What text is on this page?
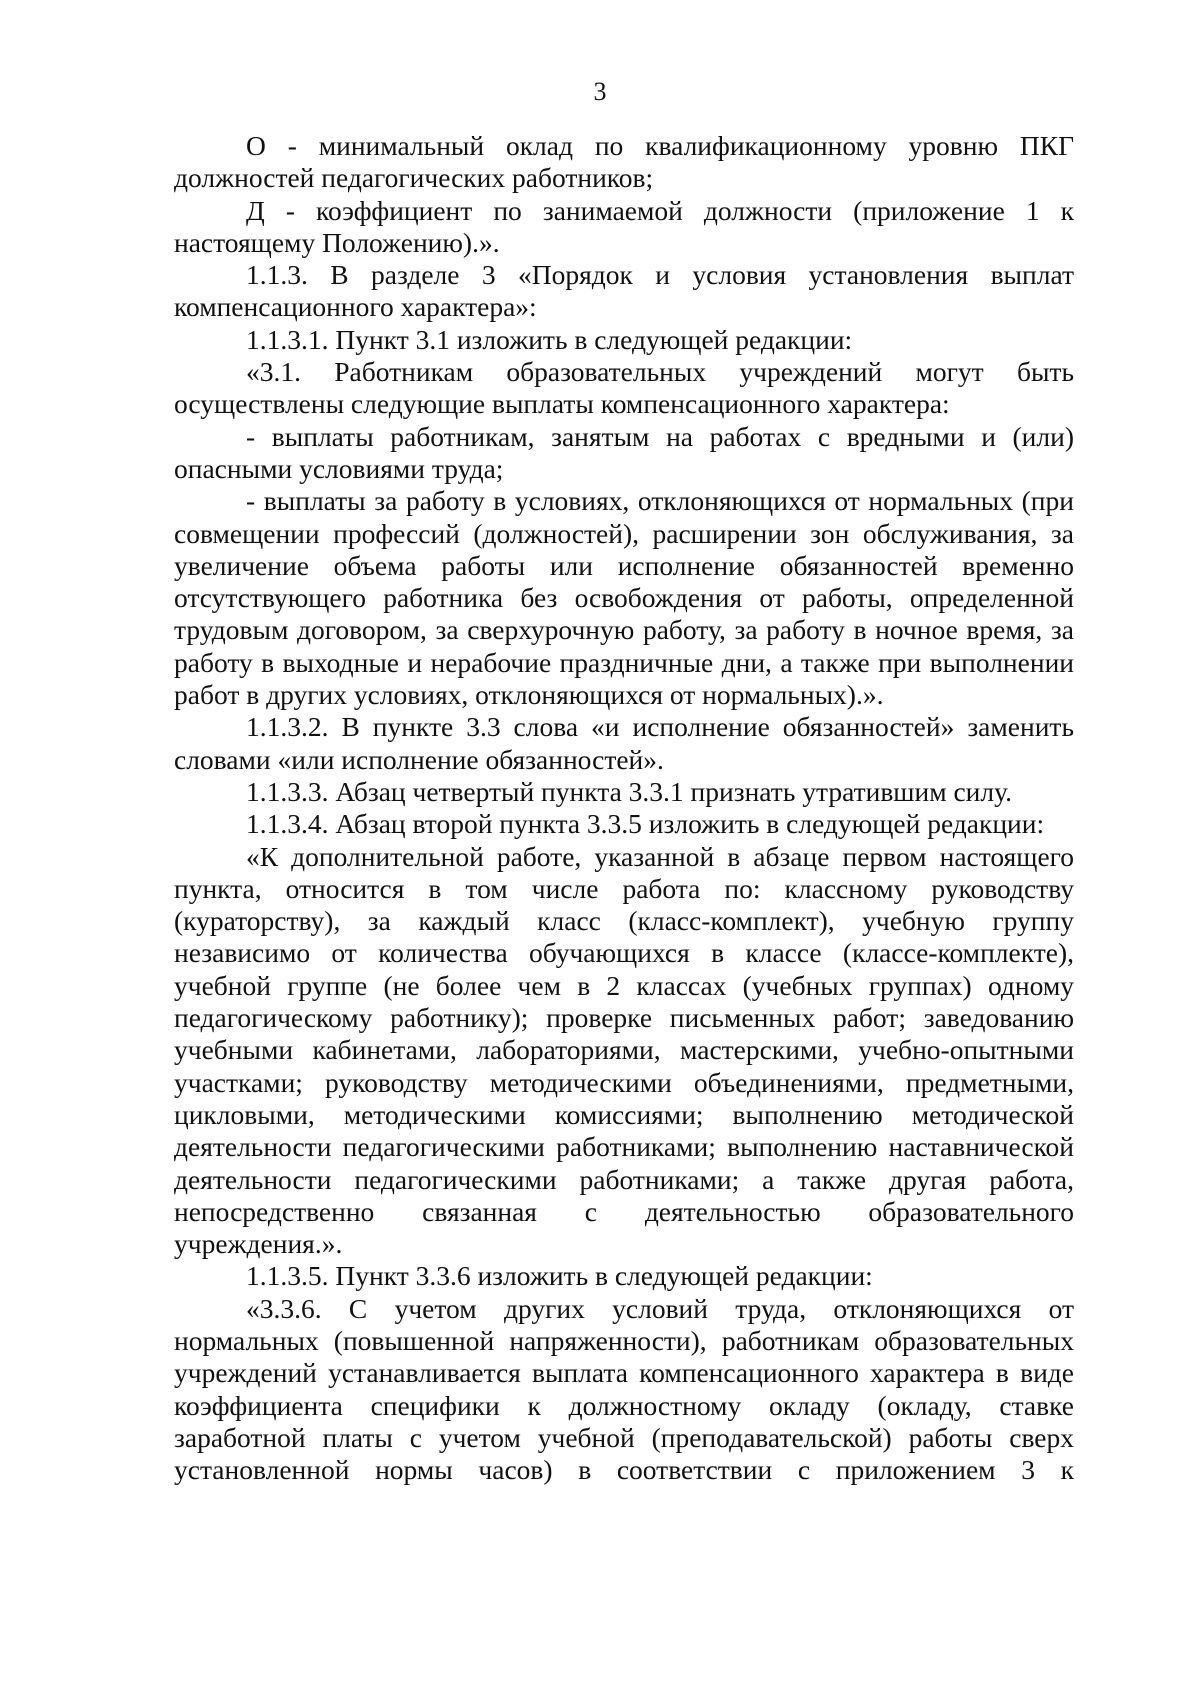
3

О - минимальный оклад по квалификационному уровню ПКГ должностей педагогических работников;

Д - коэффициент по занимаемой должности (приложение 1 к настоящему Положению).».

1.1.3. В разделе 3 «Порядок и условия установления выплат компенсационного характера»:

1.1.3.1. Пункт 3.1 изложить в следующей редакции:

«3.1. Работникам образовательных учреждений могут быть осуществлены следующие выплаты компенсационного характера:

- выплаты работникам, занятым на работах с вредными и (или) опасными условиями труда;

- выплаты за работу в условиях, отклоняющихся от нормальных (при совмещении профессий (должностей), расширении зон обслуживания, за увеличение объема работы или исполнение обязанностей временно отсутствующего работника без освобождения от работы, определенной трудовым договором, за сверхурочную работу, за работу в ночное время, за работу в выходные и нерабочие праздничные дни, а также при выполнении работ в других условиях, отклоняющихся от нормальных).».

1.1.3.2. В пункте 3.3 слова «и исполнение обязанностей» заменить словами «или исполнение обязанностей».

1.1.3.3. Абзац четвертый пункта 3.3.1 признать утратившим силу.

1.1.3.4. Абзац второй пункта 3.3.5 изложить в следующей редакции:

«К дополнительной работе, указанной в абзаце первом настоящего пункта, относится в том числе работа по: классному руководству (кураторству), за каждый класс (класс-комплект), учебную группу независимо от количества обучающихся в классе (классе-комплекте), учебной группе (не более чем в 2 классах (учебных группах) одному педагогическому работнику); проверке письменных работ; заведованию учебными кабинетами, лабораториями, мастерскими, учебно-опытными участками; руководству методическими объединениями, предметными, цикловыми, методическими комиссиями; выполнению методической деятельности педагогическими работниками; выполнению наставнической деятельности педагогическими работниками; а также другая работа, непосредственно связанная с деятельностью образовательного учреждения.».

1.1.3.5. Пункт 3.3.6 изложить в следующей редакции:

«3.3.6. С учетом других условий труда, отклоняющихся от нормальных (повышенной напряженности), работникам образовательных учреждений устанавливается выплата компенсационного характера в виде коэффициента специфики к должностному окладу (окладу, ставке заработной платы с учетом учебной (преподавательской) работы сверх установленной нормы часов) в соответствии с приложением 3 к
